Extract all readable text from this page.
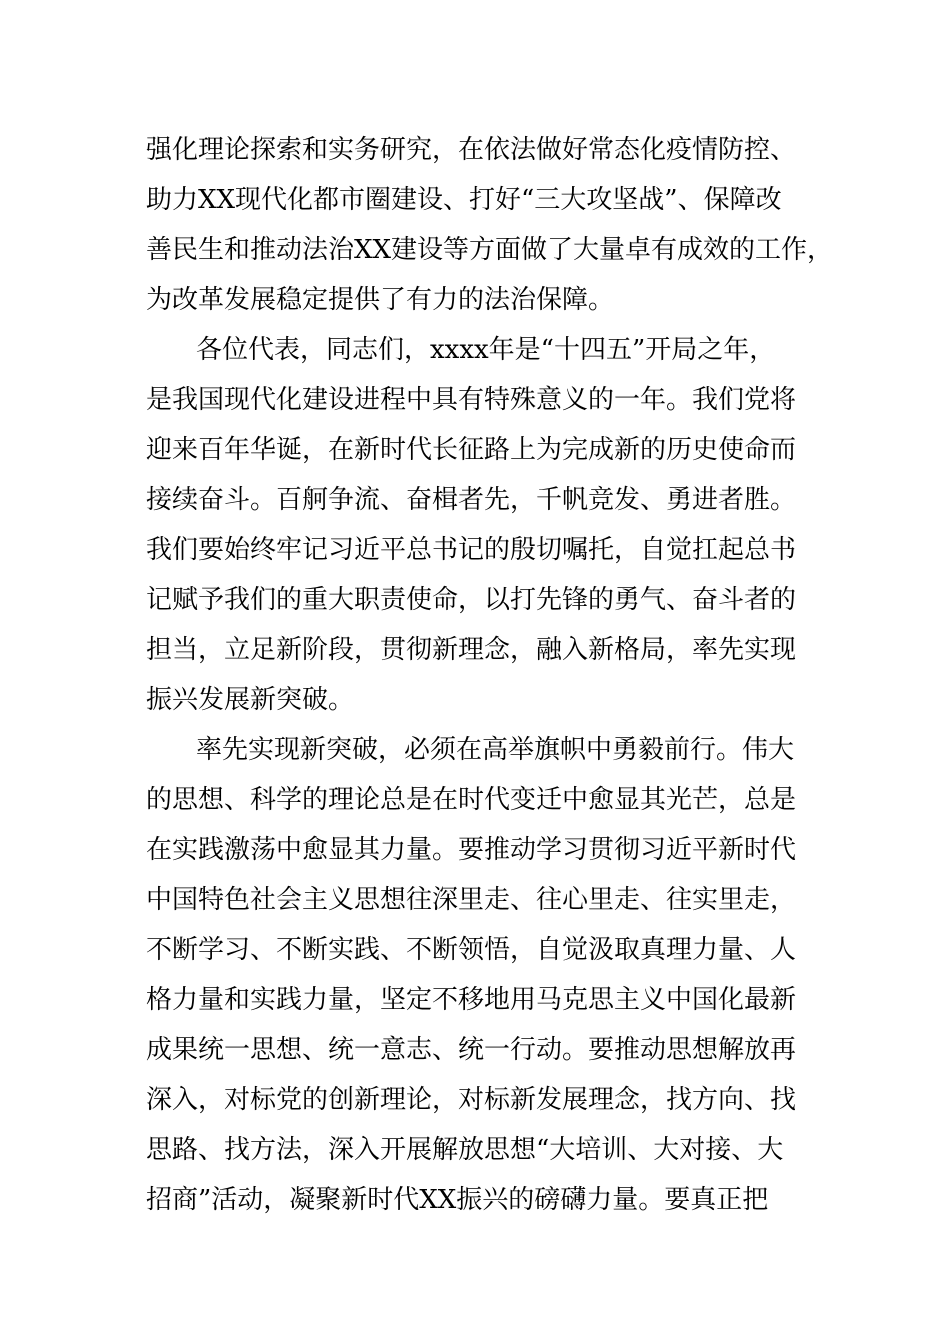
强化理论探索和实务研究，在依法做好常态化疫情防控、
助力XX现代化都市圈建设、打好“三大攻坚战”、保障改
善民生和推动法治XX建设等方面做了大量卓有成效的工作，
为改革发展稳定提供了有力的法治保障。
各位代表，同志们，xxxx年是“十四五”开局之年，
是我国现代化建设进程中具有特殊意义的一年。我们党将
迎来百年华诞，在新时代长征路上为完成新的历史使命而
接续奋斗。百舸争流、奋楫者先，千帆竞发、勇进者胜。
我们要始终牢记习近平总书记的殷切嘱托，自觉扛起总书
记赋予我们的重大职责使命，以打先锋的勇气、奋斗者的
担当，立足新阶段，贯彻新理念，融入新格局，率先实现
振兴发展新突破。
率先实现新突破，必须在高举旗帜中勇毅前行。伟大
的思想、科学的理论总是在时代变迁中愈显其光芒，总是
在实践激荡中愈显其力量。要推动学习贯彻习近平新时代
中国特色社会主义思想往深里走、往心里走、往实里走，
不断学习、不断实践、不断领悟，自觉汲取真理力量、人
格力量和实践力量，坚定不移地用马克思主义中国化最新
成果统一思想、统一意志、统一行动。要推动思想解放再
深入，对标党的创新理论，对标新发展理念，找方向、找
思路、找方法，深入开展解放思想“大培训、大对接、大
招商”活动，凝聚新时代XX振兴的磅礴力量。要真正把
